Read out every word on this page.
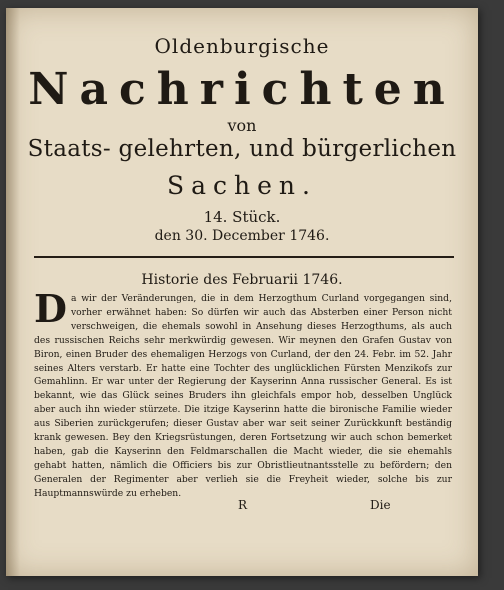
Oldenburgische
Nachrichten
von
Staats- gelehrten, und bürgerlichen
Sachen.
14. Stück.
den 30. December 1746.
Historie des Februarii 1746.
Da wir der Veränderungen, die in dem Herzogthum Curland vorgegangen sind, vorher erwähnet haben: So dürfen wir auch das Absterben einer Person nicht verschweigen, die ehemals sowohl in Ansehung dieses Herzogthums, als auch des russischen Reichs sehr merkwürdig gewesen. Wir meynen den Grafen Gustav von Biron, einen Bruder des ehemaligen Herzogs von Curland, der den 24. Febr. im 52. Jahr seines Alters verstarb. Er hatte eine Tochter des unglücklichen Fürsten Menzikofs zur Gemahlinn. Er war unter der Regierung der Kayserinn Anna russischer General. Es ist bekannt, wie das Glück seines Bruders ihn gleichfals empor hob, desselben Unglück aber auch ihn wieder stürzete. Die itzige Kayserinn hatte die bironische Familie wieder aus Siberien zurückgerufen; dieser Gustav aber war seit seiner Zurückkunft beständig krank gewesen. Bey den Kriegsrüstungen, deren Fortsetzung wir auch schon bemerket haben, gab die Kayserinn den Feldmarschallen die Macht wieder, die sie ehemahls gehabt hatten, nämlich die Officiers bis zur Obristlieutnantsstelle zu befördern; den Generalen der Regimenter aber verlieh sie die Freyheit wieder, solche bis zur Hauptmannswürde zu erheben.
R	Die
